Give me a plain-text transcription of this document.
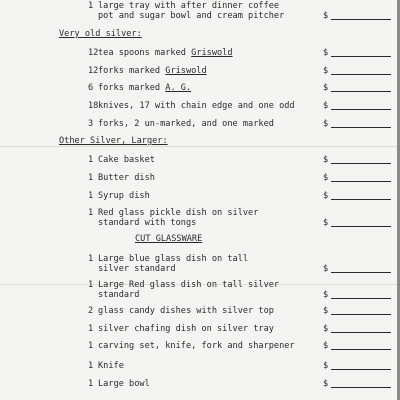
1 large tray with after dinner coffee
pot and sugar bowl and cream pitcher	$
Very old silver:
12 tea spoons marked Griswold	$
12 forks marked Griswold	$
6 forks marked A. G.	$
18 knives, 17 with chain edge and one odd	$
3 forks, 2 un-marked, and one marked	$
Other Silver, Larger:
1 Cake basket	$
1 Butter dish	$
1 Syrup dish	$
1 Red glass pickle dish on silver
standard with tongs	$
CUT GLASSWARE
1 Large blue glass dish on tall
silver standard	$
1 Large Red glass dish on tall silver
standard	$
2 glass candy dishes with silver top	$
1 silver chafing dish on silver tray	$
1 carving set, knife, fork and sharpener	$
1 Knife	$
1 Large bowl	$
